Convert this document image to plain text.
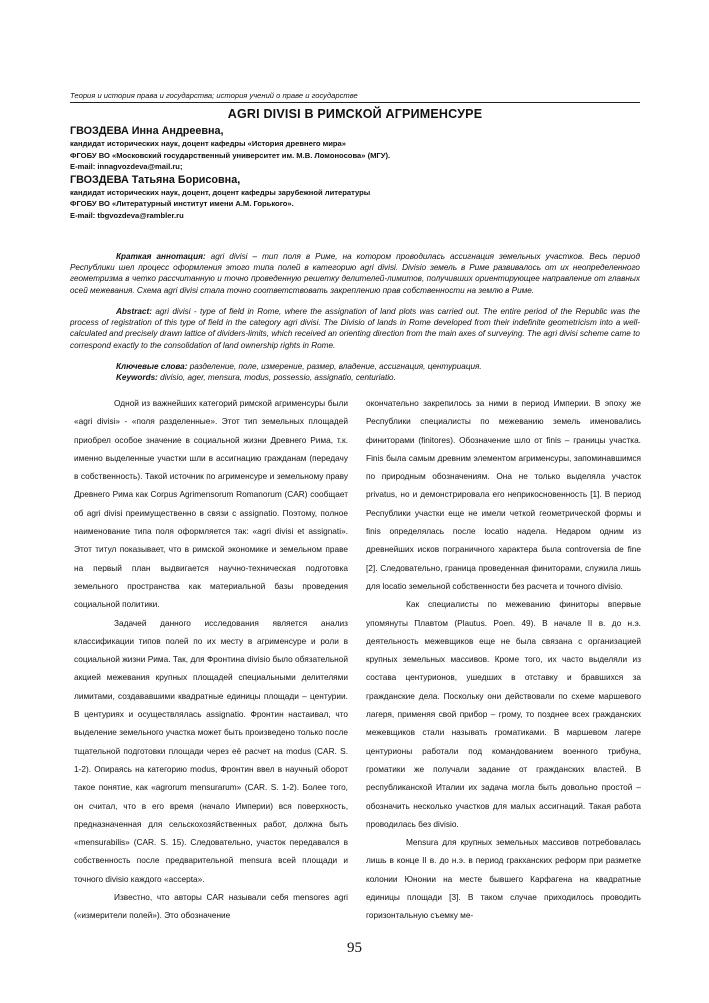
Теория и история права и государства; история учений о праве и государстве
AGRI DIVISI В РИМСКОЙ АГРИМЕНСУРЕ
ГВОЗДЕВА Инна Андреевна,
кандидат исторических наук, доцент кафедры «История древнего мира»
ФГОБУ ВО «Московский государственный университет им. М.В. Ломоносова» (МГУ).
E-mail: innagvozdeva@mail.ru;
ГВОЗДЕВА Татьяна Борисовна,
кандидат исторических наук, доцент, доцент кафедры зарубежной литературы
ФГОБУ ВО «Литературный институт имени А.М. Горького».
E-mail: tbgvozdeva@rambler.ru

Краткая аннотация: agri divisi – тип поля в Риме, на котором проводилась ассигнация земельных участков. Весь период Республики шел процесс оформления этого типа полей в категорию agri divisi. Divisio земель в Риме развивалось от их неопределенного геометризма в четко рассчитанную и точно проведенную решетку делителей-лимитов, получивших ориентирующее направление от главных осей межевания. Схема agri divisi стала точно соответствовать закреплению прав собственности на землю в Риме.

Abstract: agri divisi - type of field in Rome, where the assignation of land plots was carried out. The entire period of the Republic was the process of registration of this type of field in the category agri divisi. The Divisio of lands in Rome developed from their indefinite geometricism into a well-calculated and precisely drawn lattice of dividers-limits, which received an orienting direction from the main axes of surveying. The agri divisi scheme came to correspond exactly to the consolidation of land ownership rights in Rome.

Ключевые слова: разделение, поле, измерение, размер, владение, ассигнация, центуриация.

Keywords: divisio, ager, mensura, modus, possessio, assignatio, centuriatio.

Одной из важнейших категорий римской агрименсуры были «agri divisi» - «поля разделенные». Этот тип земельных площадей приобрел особое значение в социальной жизни Древнего Рима, т.к. именно выделенные участки шли в ассигнацию гражданам (передачу в собственность). Такой источник по агрименсуре и земельному праву Древнего Рима как Corpus Agrimensorum Romanorum (CAR) сообщает об agri divisi преимущественно в связи с assignatio. Поэтому, полное наименование типа поля оформляется так: «agri divisi et assignati». Этот титул показывает, что в римской экономике и земельном праве на первый план выдвигается научно-техническая подготовка земельного пространства как материальной базы проведения социальной политики.

Задачей данного исследования является анализ классификации типов полей по их месту в агрименсуре и роли в социальной жизни Рима. Так, для Фронтина divisio было обязательной акцией межевания крупных площадей специальными делителями лимитами, создававшими квадратные единицы площади – центурии. В центуриях и осуществлялась assignatio. Фронтин настаивал, что выделение земельного участка может быть произведено только после тщательной подготовки площади через её расчет на modus (CAR. S. 1-2). Опираясь на категорию modus, Фронтин ввел в научный оборот такое понятие, как «agrorum mensurarum» (CAR. S. 1-2). Более того, он считал, что в его время (начало Империи) вся поверхность, предназначенная для сельскохозяйственных работ, должна быть «mensurabilis» (CAR. S. 15). Следовательно, участок передавался в собственность после предварительной mensura всей площади и точного divisio каждого «accepta».

Известно, что авторы CAR называли себя mensores agri («измерители полей»). Это обозначение

окончательно закрепилось за ними в период Империи. В эпоху же Республики специалисты по межеванию земель именовались финиторами (finitores). Обозначение шло от finis – границы участка. Finis была самым древним элементом агрименсуры, запоминавшимся по природным обозначениям. Она не только выделяла участок privatus, но и демонстрировала его неприкосновенность [1]. В период Республики участки еще не имели четкой геометрической формы и finis определялась после locatio надела. Недаром одним из древнейших исков пограничного характера была controversia de fine [2]. Следовательно, граница проведенная финиторами, служила лишь для locatio земельной собственности без расчета и точного divisio.

Как специалисты по межеванию финиторы впервые упомянуты Плавтом (Plautus. Poen. 49). В начале II в. до н.э. деятельность межевщиков еще не была связана с организацией крупных земельных массивов. Кроме того, их часто выделяли из состава центурионов, ушедших в отставку и бравшихся за гражданские дела. Поскольку они действовали по схеме маршевого лагеря, применяя свой прибор – грому, то позднее всех гражданских межевщиков стали называть громатиками. В маршевом лагере центурионы работали под командованием военного трибуна, громатики же получали задание от гражданских властей. В республиканской Италии их задача могла быть довольно простой – обозначить несколько участков для малых ассигнаций. Такая работа проводилась без divisio.

Mensura для крупных земельных массивов потребовалась лишь в конце II в. до н.э. в период гракханских реформ при разметке колонии Юнонии на месте бывшего Карфагена на квадратные единицы площади [3]. В таком случае приходилось проводить горизонтальную съемку ме-

95
